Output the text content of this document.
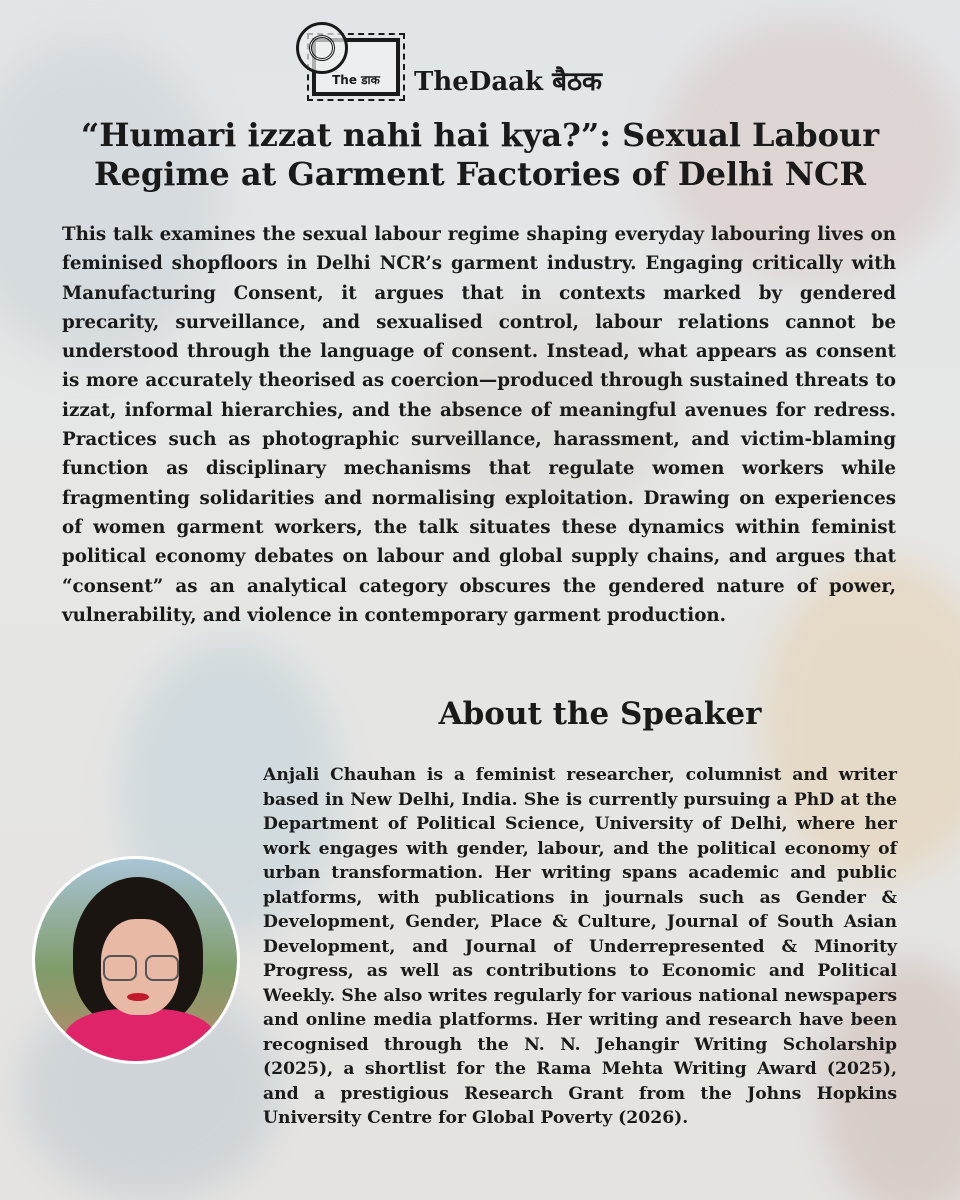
The डाक	TheDaak बैठक
“Humari izzat nahi hai kya?”: Sexual Labour Regime at Garment Factories of Delhi NCR

This talk examines the sexual labour regime shaping everyday labouring lives on feminised shopfloors in Delhi NCR’s garment industry. Engaging critically with Manufacturing Consent, it argues that in contexts marked by gendered precarity, surveillance, and sexualised control, labour relations cannot be understood through the language of consent. Instead, what appears as consent is more accurately theorised as coercion—produced through sustained threats to izzat, informal hierarchies, and the absence of meaningful avenues for redress. Practices such as photographic surveillance, harassment, and victim-blaming function as disciplinary mechanisms that regulate women workers while fragmenting solidarities and normalising exploitation. Drawing on experiences of women garment workers, the talk situates these dynamics within feminist political economy debates on labour and global supply chains, and argues that “consent” as an analytical category obscures the gendered nature of power, vulnerability, and violence in contemporary garment production.

About the Speaker

Anjali Chauhan is a feminist researcher, columnist and writer based in New Delhi, India. She is currently pursuing a PhD at the Department of Political Science, University of Delhi, where her work engages with gender, labour, and the political economy of urban transformation. Her writing spans academic and public platforms, with publications in journals such as Gender & Development, Gender, Place & Culture, Journal of South Asian Development, and Journal of Underrepresented & Minority Progress, as well as contributions to Economic and Political Weekly. She also writes regularly for various national newspapers and online media platforms. Her writing and research have been recognised through the N. N. Jehangir Writing Scholarship (2025), a shortlist for the Rama Mehta Writing Award (2025), and a prestigious Research Grant from the Johns Hopkins University Centre for Global Poverty (2026).
